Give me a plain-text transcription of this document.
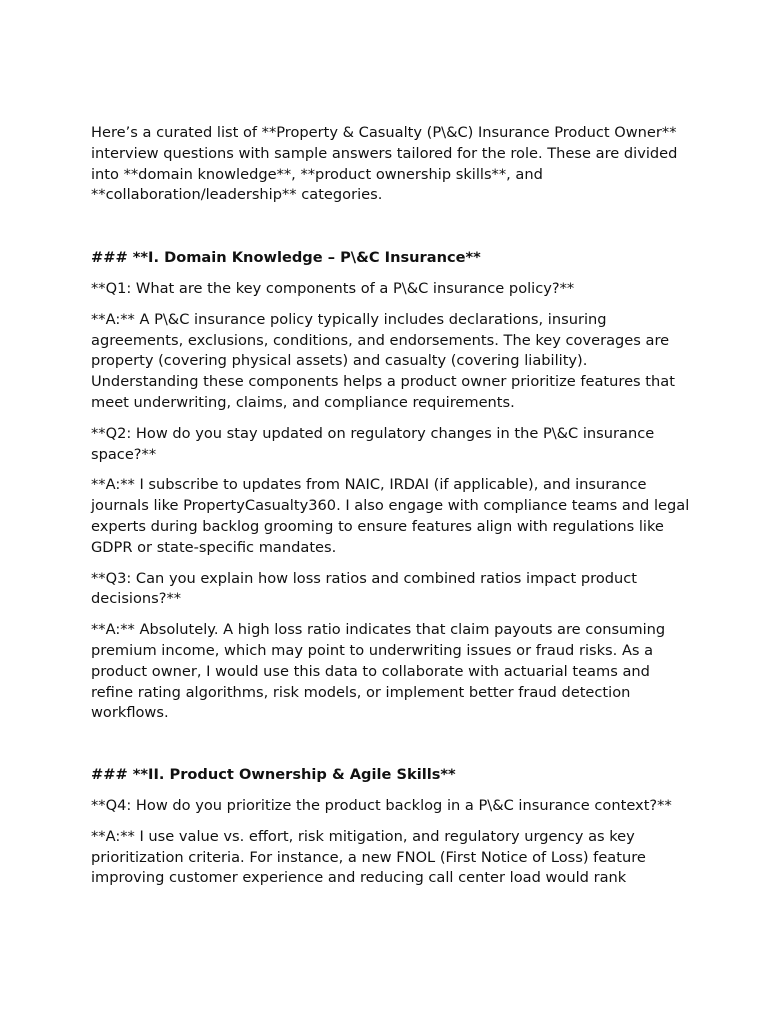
Here’s a curated list of **Property & Casualty (P\&C) Insurance Product Owner** interview questions with sample answers tailored for the role. These are divided into **domain knowledge**, **product ownership skills**, and **collaboration/leadership** categories.

### **I. Domain Knowledge – P\&C Insurance**

**Q1: What are the key components of a P\&C insurance policy?**

**A:** A P\&C insurance policy typically includes declarations, insuring agreements, exclusions, conditions, and endorsements. The key coverages are property (covering physical assets) and casualty (covering liability). Understanding these components helps a product owner prioritize features that meet underwriting, claims, and compliance requirements.

**Q2: How do you stay updated on regulatory changes in the P\&C insurance space?**

**A:** I subscribe to updates from NAIC, IRDAI (if applicable), and insurance journals like PropertyCasualty360. I also engage with compliance teams and legal experts during backlog grooming to ensure features align with regulations like GDPR or state-specific mandates.

**Q3: Can you explain how loss ratios and combined ratios impact product decisions?**

**A:** Absolutely. A high loss ratio indicates that claim payouts are consuming premium income, which may point to underwriting issues or fraud risks. As a product owner, I would use this data to collaborate with actuarial teams and refine rating algorithms, risk models, or implement better fraud detection workflows.

### **II. Product Ownership & Agile Skills**

**Q4: How do you prioritize the product backlog in a P\&C insurance context?**

**A:** I use value vs. effort, risk mitigation, and regulatory urgency as key prioritization criteria. For instance, a new FNOL (First Notice of Loss) feature improving customer experience and reducing call center load would rank
